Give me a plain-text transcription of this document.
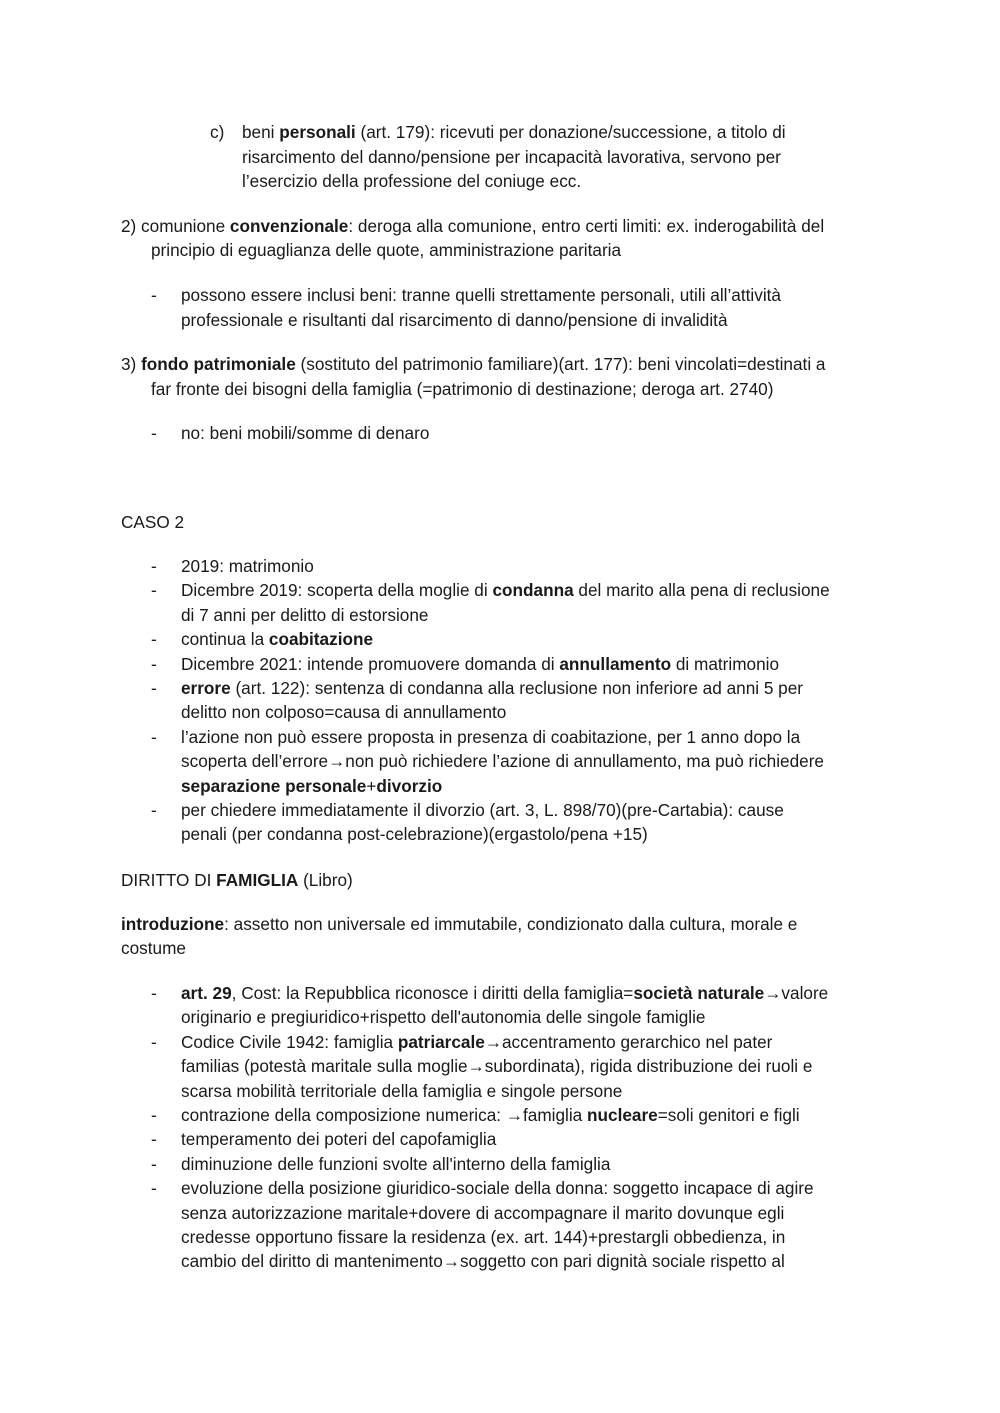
c) beni personali (art. 179): ricevuti per donazione/successione, a titolo di
risarcimento del danno/pensione per incapacità lavorativa, servono per
l’esercizio della professione del coniuge ecc.
2) comunione convenzionale: deroga alla comunione, entro certi limiti: ex. inderogabilità del
principio di eguaglianza delle quote, amministrazione paritaria
- possono essere inclusi beni: tranne quelli strettamente personali, utili all’attività
professionale e risultanti dal risarcimento di danno/pensione di invalidità
3) fondo patrimoniale (sostituto del patrimonio familiare)(art. 177): beni vincolati=destinati a
far fronte dei bisogni della famiglia (=patrimonio di destinazione; deroga art. 2740)
- no: beni mobili/somme di denaro
CASO 2
DIRITTO DI FAMIGLIA (Libro)
introduzione: assetto non universale ed immutabile, condizionato dalla cultura, morale e
costume
- 2019: matrimonio
- Dicembre 2019: scoperta della moglie di condanna del marito alla pena di reclusione
di 7 anni per delitto di estorsione
- continua la coabitazione
- Dicembre 2021: intende promuovere domanda di annullamento di matrimonio
- errore (art. 122): sentenza di condanna alla reclusione non inferiore ad anni 5 per
delitto non colposo=causa di annullamento
- l’azione non può essere proposta in presenza di coabitazione, per 1 anno dopo la
scoperta dell’errore→non può richiedere l’azione di annullamento, ma può richiedere
separazione personale+divorzio
- per chiedere immediatamente il divorzio (art. 3, L. 898/70)(pre-Cartabia): cause
penali (per condanna post-celebrazione)(ergastolo/pena +15)
- art. 29, Cost: la Repubblica riconosce i diritti della famiglia=società naturale→valore
originario e pregiuridico+rispetto dell'autonomia delle singole famiglie
- Codice Civile 1942: famiglia patriarcale→accentramento gerarchico nel pater
familias (potestà maritale sulla moglie→subordinata), rigida distribuzione dei ruoli e
scarsa mobilità territoriale della famiglia e singole persone
- contrazione della composizione numerica: →famiglia nucleare=soli genitori e figli
- temperamento dei poteri del capofamiglia
- diminuzione delle funzioni svolte all'interno della famiglia
- evoluzione della posizione giuridico-sociale della donna: soggetto incapace di agire
senza autorizzazione maritale+dovere di accompagnare il marito dovunque egli
credesse opportuno fissare la residenza (ex. art. 144)+prestargli obbedienza, in
cambio del diritto di mantenimento→soggetto con pari dignità sociale rispetto al
